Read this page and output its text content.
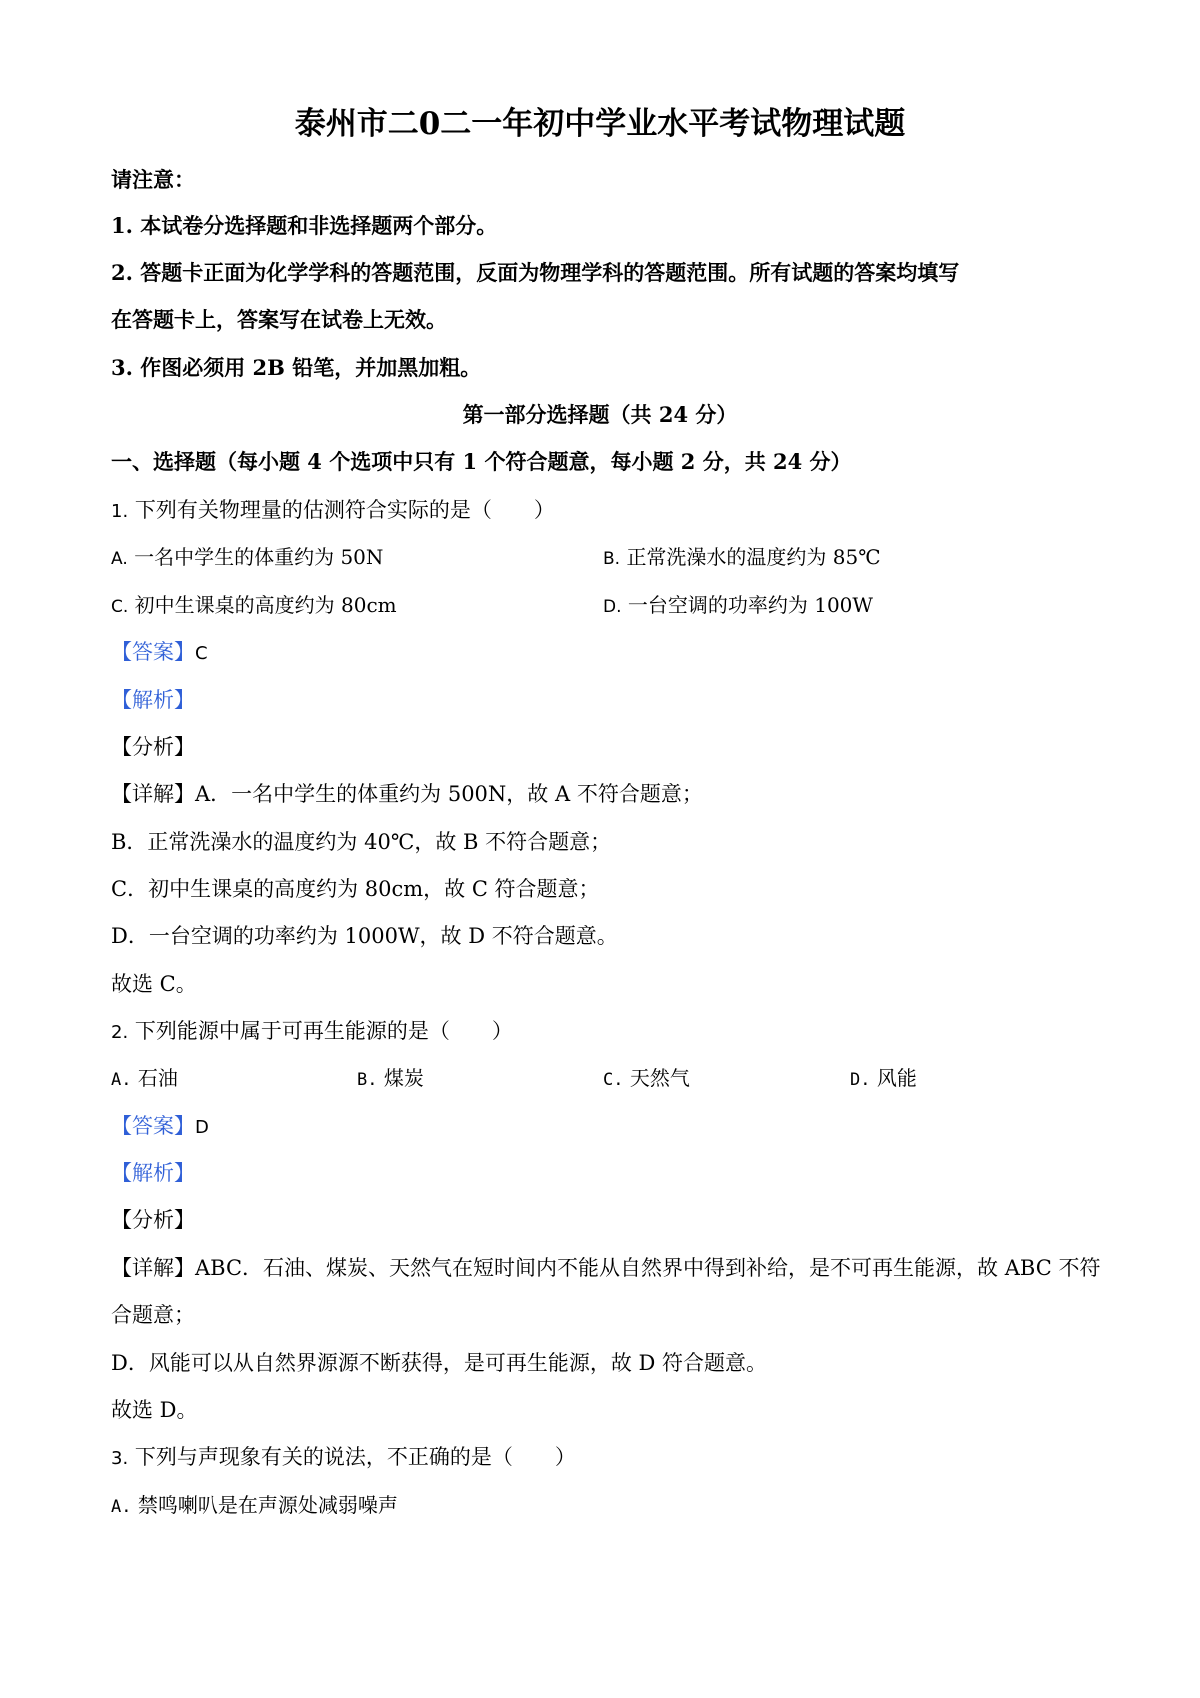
泰州市二0二一年初中学业水平考试物理试题
请注意：
1. 本试卷分选择题和非选择题两个部分。
2. 答题卡正面为化学学科的答题范围，反面为物理学科的答题范围。所有试题的答案均填写
在答题卡上，答案写在试卷上无效。
3. 作图必须用 2B 铅笔，并加黑加粗。
第一部分选择题（共 24 分）
一、选择题（每小题 4 个选项中只有 1 个符合题意，每小题 2 分，共 24 分）
1. 下列有关物理量的估测符合实际的是（　　）
A. 一名中学生的体重约为 50N	B. 正常洗澡水的温度约为 85℃
C. 初中生课桌的高度约为 80cm	D. 一台空调的功率约为 100W
【答案】C
【解析】
【分析】
【详解】A．一名中学生的体重约为 500N，故 A 不符合题意；
B．正常洗澡水的温度约为 40℃，故 B 不符合题意；
C．初中生课桌的高度约为 80cm，故 C 符合题意；
D．一台空调的功率约为 1000W，故 D 不符合题意。
故选 C。
2. 下列能源中属于可再生能源的是（　　）
A. 石油	B. 煤炭	C. 天然气	D. 风能
【答案】D
【解析】
【分析】
【详解】ABC．石油、煤炭、天然气在短时间内不能从自然界中得到补给，是不可再生能源，故 ABC 不符
合题意；
D．风能可以从自然界源源不断获得，是可再生能源，故 D 符合题意。
故选 D。
3. 下列与声现象有关的说法，不正确的是（　　）
A. 禁鸣喇叭是在声源处减弱噪声
